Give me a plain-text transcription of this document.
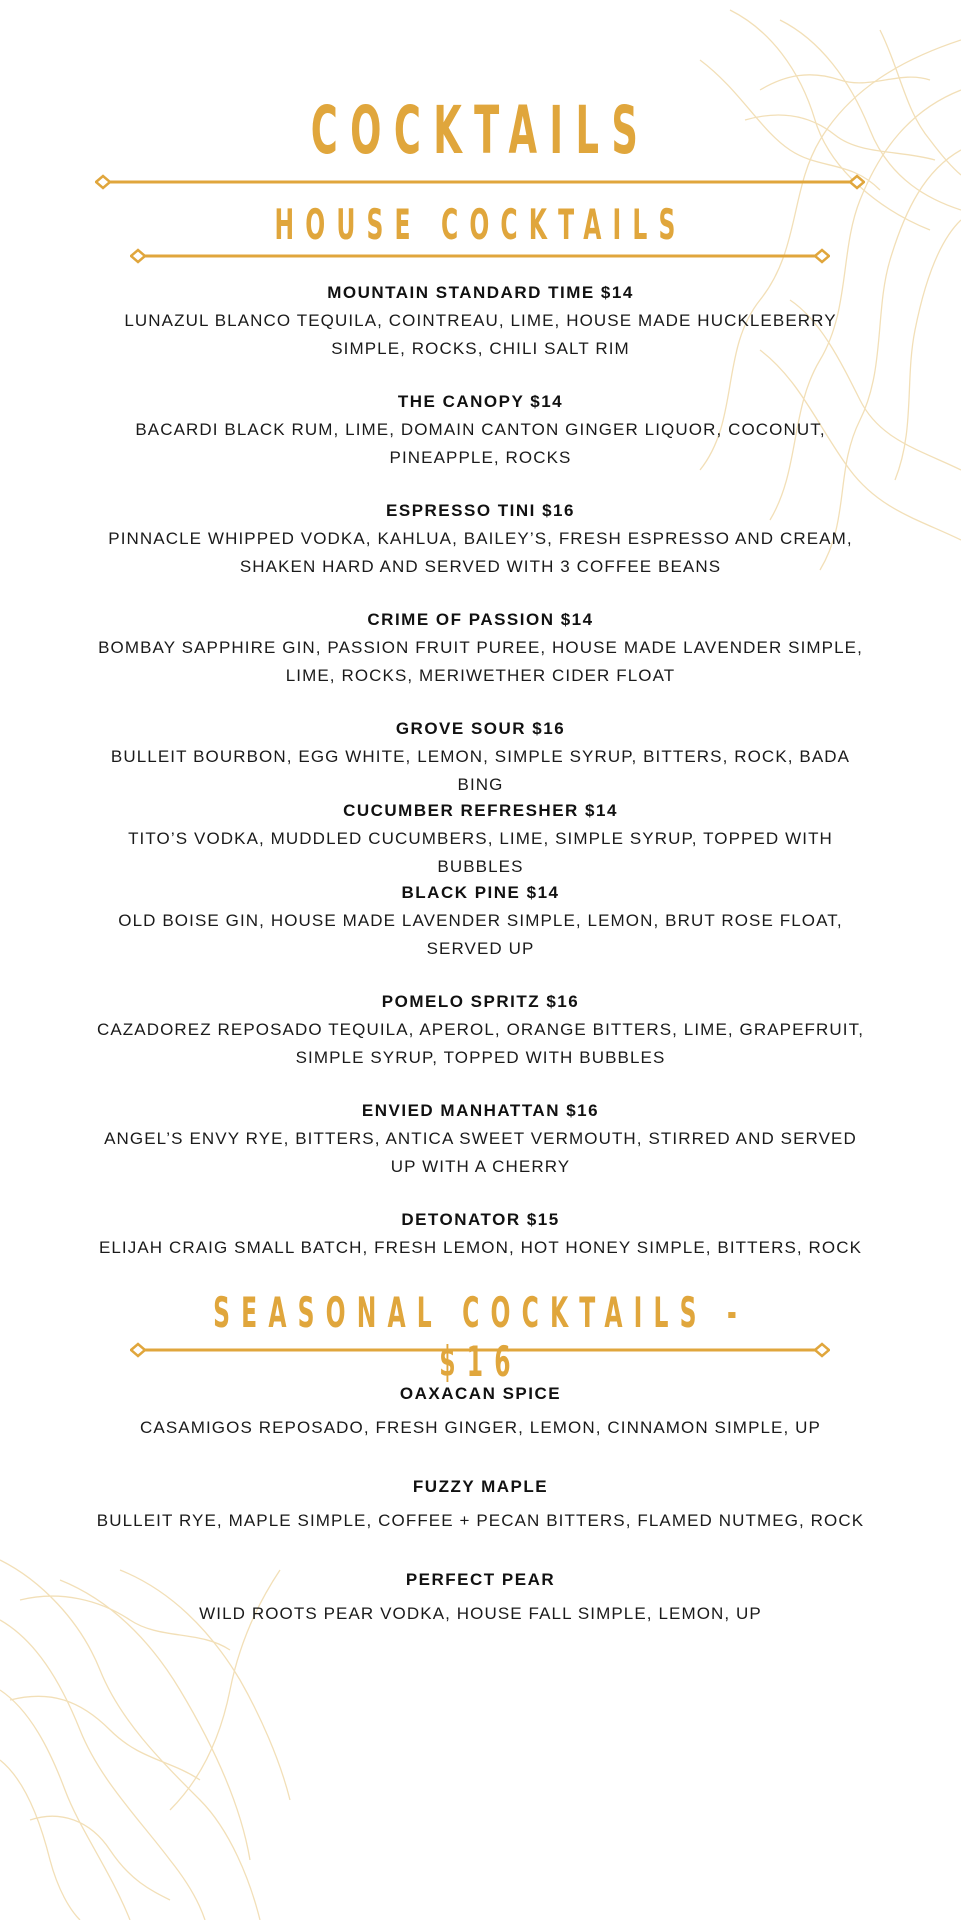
COCKTAILS
HOUSE COCKTAILS
MOUNTAIN STANDARD TIME $14
LUNAZUL BLANCO TEQUILA, COINTREAU, LIME, HOUSE MADE HUCKLEBERRY SIMPLE, ROCKS, CHILI SALT RIM
THE CANOPY $14
BACARDI BLACK RUM, LIME, DOMAIN CANTON GINGER LIQUOR, COCONUT, PINEAPPLE, ROCKS
ESPRESSO TINI $16
PINNACLE WHIPPED VODKA, KAHLUA, BAILEY’S, FRESH ESPRESSO AND CREAM, SHAKEN HARD AND SERVED WITH 3 COFFEE BEANS
CRIME OF PASSION $14
BOMBAY SAPPHIRE GIN, PASSION FRUIT PUREE, HOUSE MADE LAVENDER SIMPLE, LIME, ROCKS, MERIWETHER CIDER FLOAT
GROVE SOUR $16
BULLEIT BOURBON, EGG WHITE, LEMON, SIMPLE SYRUP, BITTERS, ROCK, BADA BING
CUCUMBER REFRESHER $14
TITO’S VODKA, MUDDLED CUCUMBERS, LIME, SIMPLE SYRUP, TOPPED WITH BUBBLES
BLACK PINE $14
OLD BOISE GIN, HOUSE MADE LAVENDER SIMPLE, LEMON, BRUT ROSE FLOAT, SERVED UP
POMELO SPRITZ $16
CAZADOREZ REPOSADO TEQUILA, APEROL, ORANGE BITTERS, LIME, GRAPEFRUIT, SIMPLE SYRUP, TOPPED WITH BUBBLES
ENVIED MANHATTAN $16
ANGEL’S ENVY RYE, BITTERS, ANTICA SWEET VERMOUTH, STIRRED AND SERVED UP WITH A CHERRY
DETONATOR $15
ELIJAH CRAIG SMALL BATCH, FRESH LEMON, HOT HONEY SIMPLE, BITTERS, ROCK
SEASONAL COCKTAILS - $16
OAXACAN SPICE
CASAMIGOS REPOSADO, FRESH GINGER, LEMON, CINNAMON SIMPLE, UP
FUZZY MAPLE
BULLEIT RYE, MAPLE SIMPLE, COFFEE + PECAN BITTERS, FLAMED NUTMEG, ROCK
PERFECT PEAR
WILD ROOTS PEAR VODKA, HOUSE FALL SIMPLE, LEMON, UP
